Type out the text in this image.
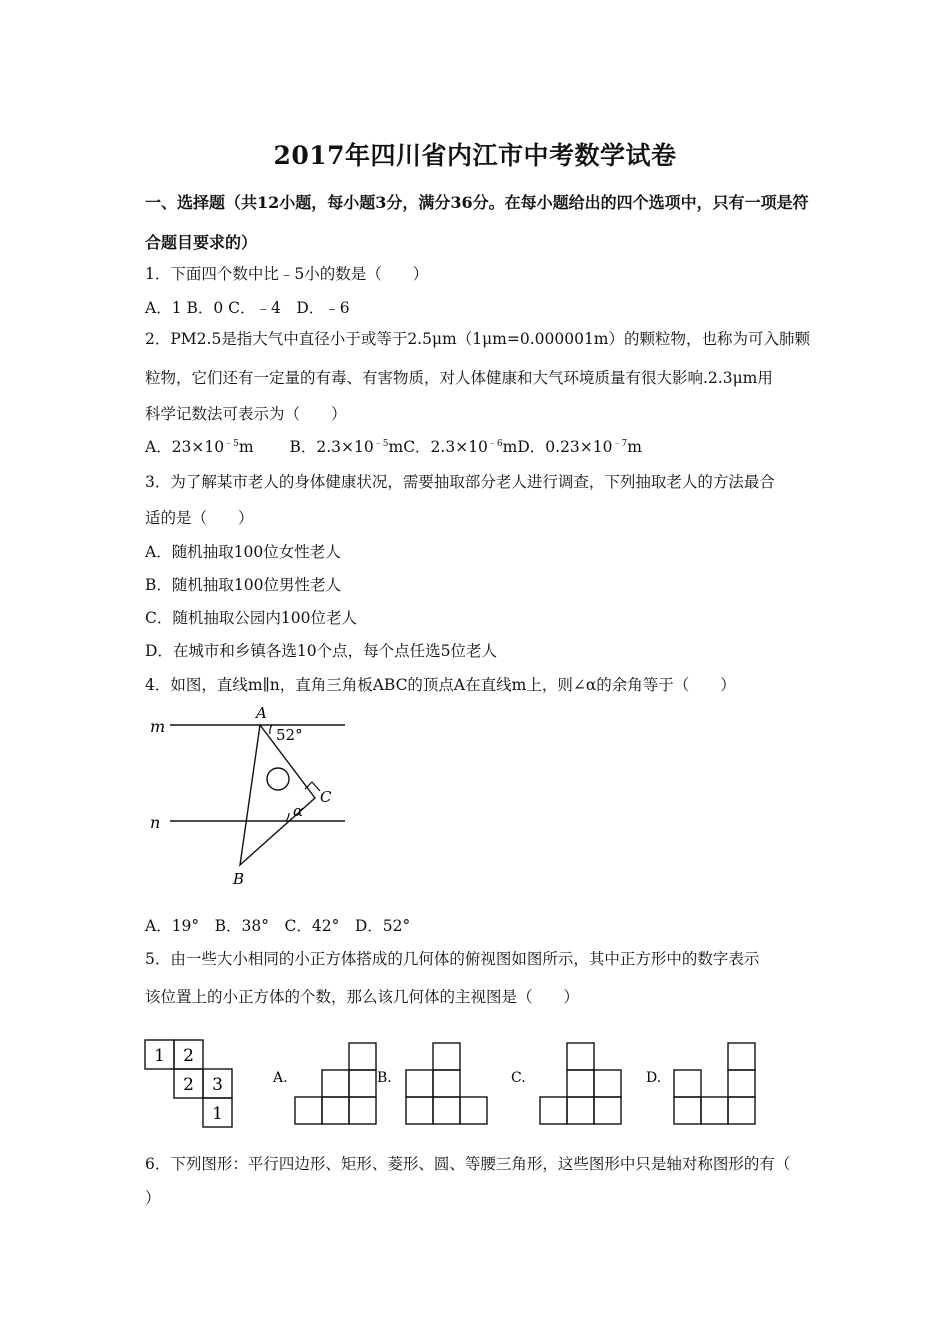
2017年四川省内江市中考数学试卷
一、选择题（共12小题，每小题3分，满分36分。在每小题给出的四个选项中，只有一项是符
合题目要求的）
1．下面四个数中比﹣5小的数是（　　）
A．1 B．0 C．﹣4　D．﹣6
2．PM2.5是指大气中直径小于或等于2.5μm（1μm=0.000001m）的颗粒物，也称为可入肺颗
粒物，它们还有一定量的有毒、有害物质，对人体健康和大气环境质量有很大影响.2.3μm用
科学记数法可表示为（　　）
A．$23\times 10^{﹣5}m$　　 B．$2.3\times 10^{﹣5}mC$．$2.3\times 10^{﹣6}mD$．$0.23\times 10^{﹣7}m$
3．为了解某市老人的身体健康状况，需要抽取部分老人进行调查，下列抽取老人的方法最合
适的是（　　）
A．随机抽取100位女性老人
B．随机抽取100位男性老人
C．随机抽取公园内100位老人
D．在城市和乡镇各选10个点，每个点任选5位老人
4．如图，直线m∥n，直角三角板ABC的顶点A在直线m上，则∠α的余角等于（　　）
m
n
A
52°
C
α
B
A．19°　B．38°　C．42°　D．52°
5．由一些大小相同的小正方体搭成的几何体的俯视图如图所示，其中正方形中的数字表示
该位置上的小正方体的个数，那么该几何体的主视图是（　　）
1 2
2 3
1
A.	B.	C.	D.
6．下列图形：平行四边形、矩形、菱形、圆、等腰三角形，这些图形中只是轴对称图形的有（
）
